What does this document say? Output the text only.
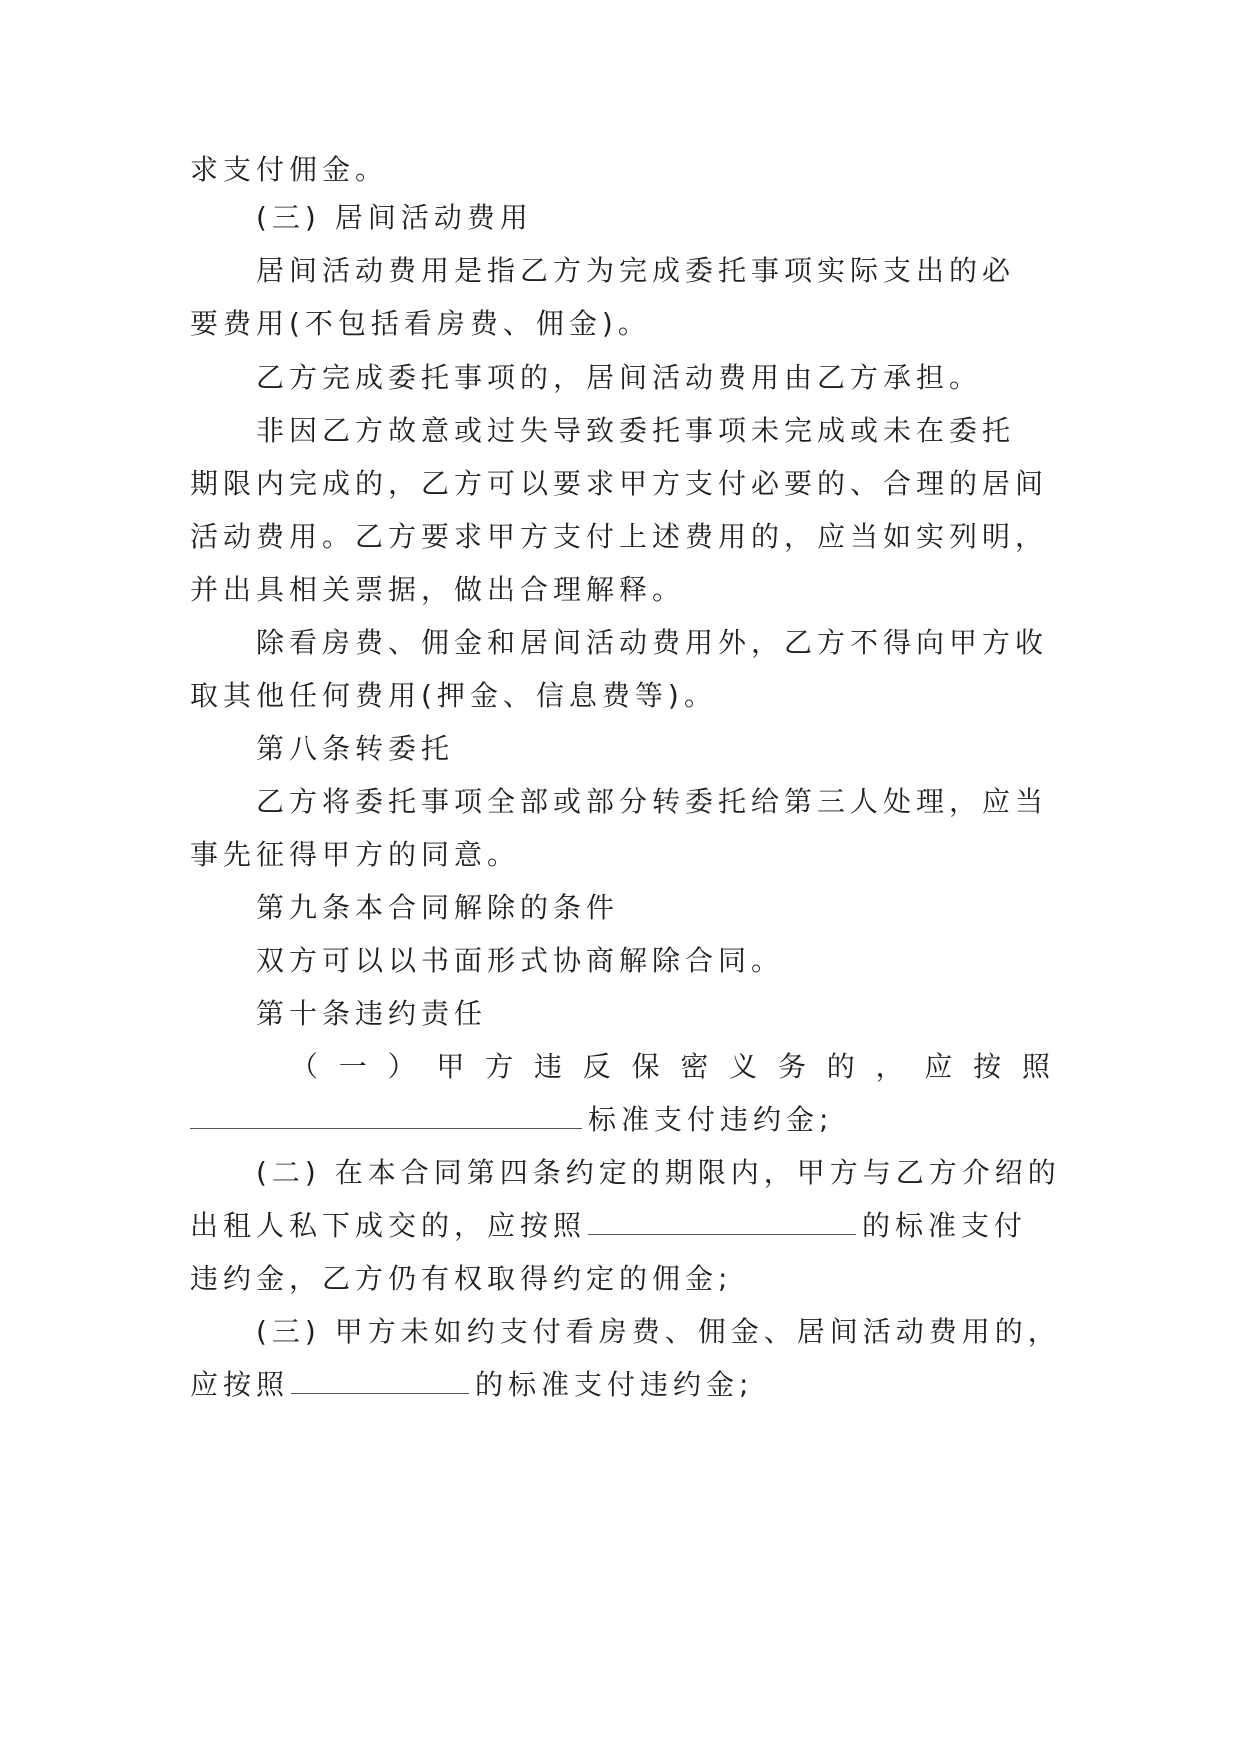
求支付佣金。
(三) 居间活动费用
居间活动费用是指乙方为完成委托事项实际支出的必
要费用(不包括看房费、佣金)。
乙方完成委托事项的，居间活动费用由乙方承担。
非因乙方故意或过失导致委托事项未完成或未在委托
期限内完成的，乙方可以要求甲方支付必要的、合理的居间
活动费用。乙方要求甲方支付上述费用的，应当如实列明，
并出具相关票据，做出合理解释。
除看房费、佣金和居间活动费用外，乙方不得向甲方收
取其他任何费用(押金、信息费等)。
第八条转委托
乙方将委托事项全部或部分转委托给第三人处理，应当
事先征得甲方的同意。
第九条本合同解除的条件
双方可以以书面形式协商解除合同。
第十条违约责任
（ 一 ） 甲 方 违 反 保 密 义 务 的 ， 应 按 照
标准支付违约金;
(二) 在本合同第四条约定的期限内，甲方与乙方介绍的
出租人私下成交的，应按照	的标准支付
违约金，乙方仍有权取得约定的佣金;
(三) 甲方未如约支付看房费、佣金、居间活动费用的，
应按照	的标准支付违约金;
